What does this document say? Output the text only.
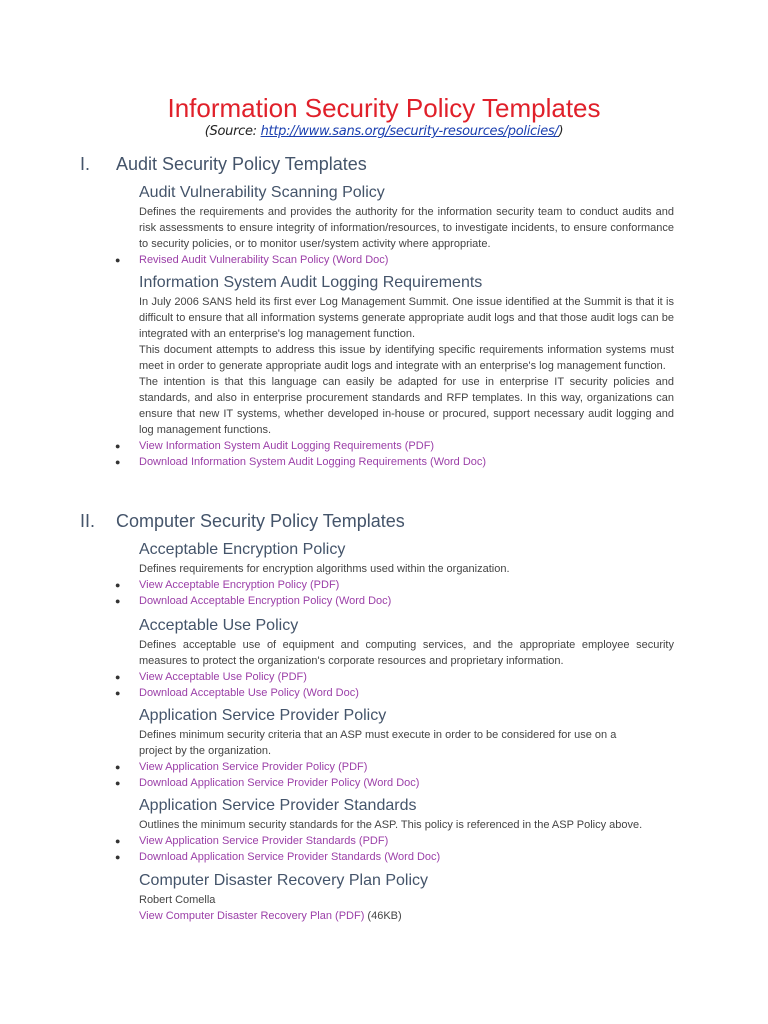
Information Security Policy Templates
(Source: http://www.sans.org/security-resources/policies/)
I. Audit Security Policy Templates
Audit Vulnerability Scanning Policy
Defines the requirements and provides the authority for the information security team to conduct audits and risk assessments to ensure integrity of information/resources, to investigate incidents, to ensure conformance to security policies, or to monitor user/system activity where appropriate.
● Revised Audit Vulnerability Scan Policy (Word Doc)
Information System Audit Logging Requirements
In July 2006 SANS held its first ever Log Management Summit. One issue identified at the Summit is that it is difficult to ensure that all information systems generate appropriate audit logs and that those audit logs can be integrated with an enterprise's log management function.
This document attempts to address this issue by identifying specific requirements information systems must meet in order to generate appropriate audit logs and integrate with an enterprise's log management function.
The intention is that this language can easily be adapted for use in enterprise IT security policies and standards, and also in enterprise procurement standards and RFP templates. In this way, organizations can ensure that new IT systems, whether developed in-house or procured, support necessary audit logging and log management functions.
● View Information System Audit Logging Requirements (PDF)
● Download Information System Audit Logging Requirements (Word Doc)
II. Computer Security Policy Templates
Acceptable Encryption Policy
Defines requirements for encryption algorithms used within the organization.
● View Acceptable Encryption Policy (PDF)
● Download Acceptable Encryption Policy (Word Doc)
Acceptable Use Policy
Defines acceptable use of equipment and computing services, and the appropriate employee security measures to protect the organization's corporate resources and proprietary information.
● View Acceptable Use Policy (PDF)
● Download Acceptable Use Policy (Word Doc)
Application Service Provider Policy
Defines minimum security criteria that an ASP must execute in order to be considered for use on a project by the organization.
● View Application Service Provider Policy (PDF)
● Download Application Service Provider Policy (Word Doc)
Application Service Provider Standards
Outlines the minimum security standards for the ASP. This policy is referenced in the ASP Policy above.
● View Application Service Provider Standards (PDF)
● Download Application Service Provider Standards (Word Doc)
Computer Disaster Recovery Plan Policy
Robert Comella
View Computer Disaster Recovery Plan (PDF) (46KB)
